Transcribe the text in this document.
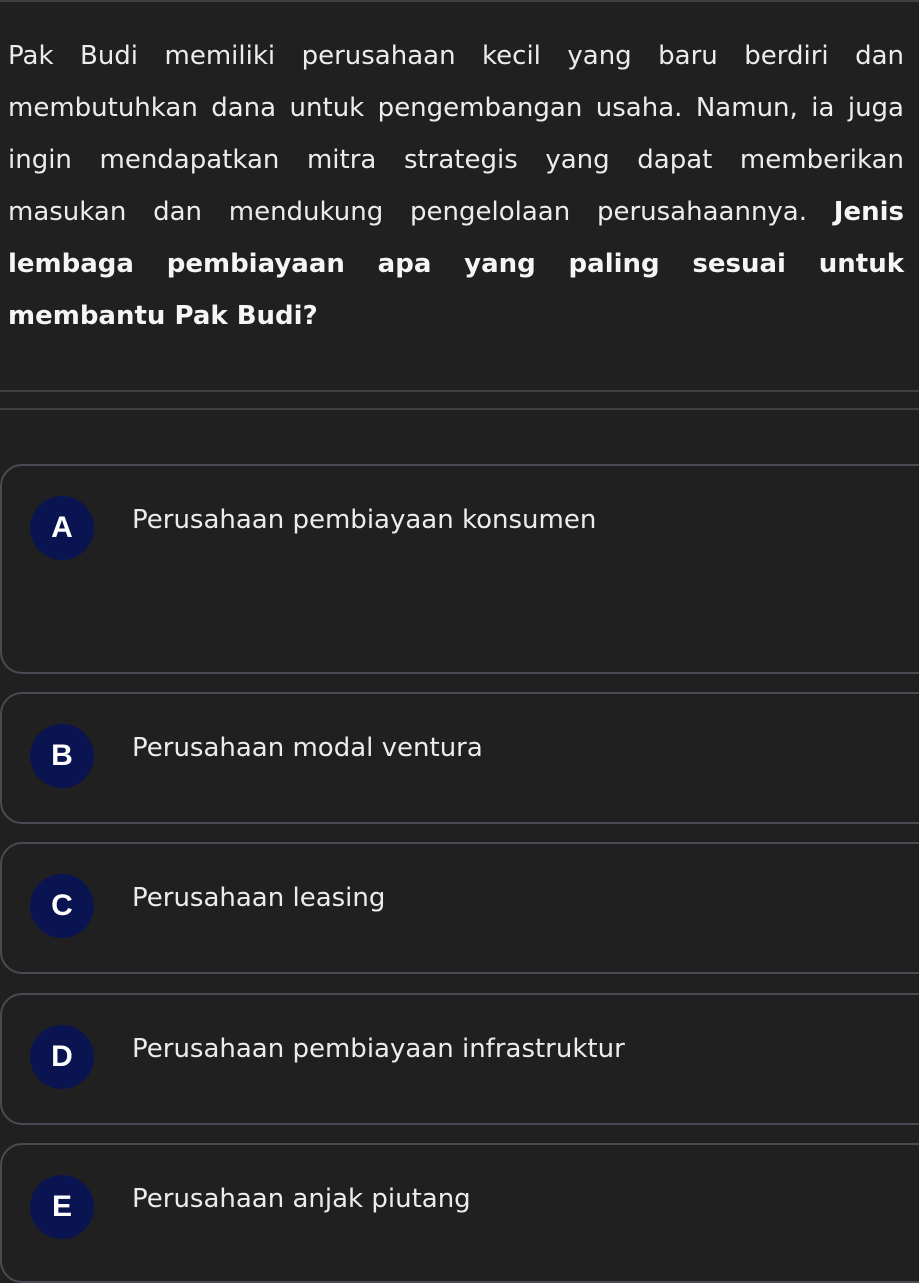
Pak Budi memiliki perusahaan kecil yang baru berdiri dan membutuhkan dana untuk pengembangan usaha. Namun, ia juga ingin mendapatkan mitra strategis yang dapat memberikan masukan dan mendukung pengelolaan perusahaannya. Jenis lembaga pembiayaan apa yang paling sesuai untuk membantu Pak Budi?

A	Perusahaan pembiayaan konsumen
B	Perusahaan modal ventura
C	Perusahaan leasing
D	Perusahaan pembiayaan infrastruktur
E	Perusahaan anjak piutang
